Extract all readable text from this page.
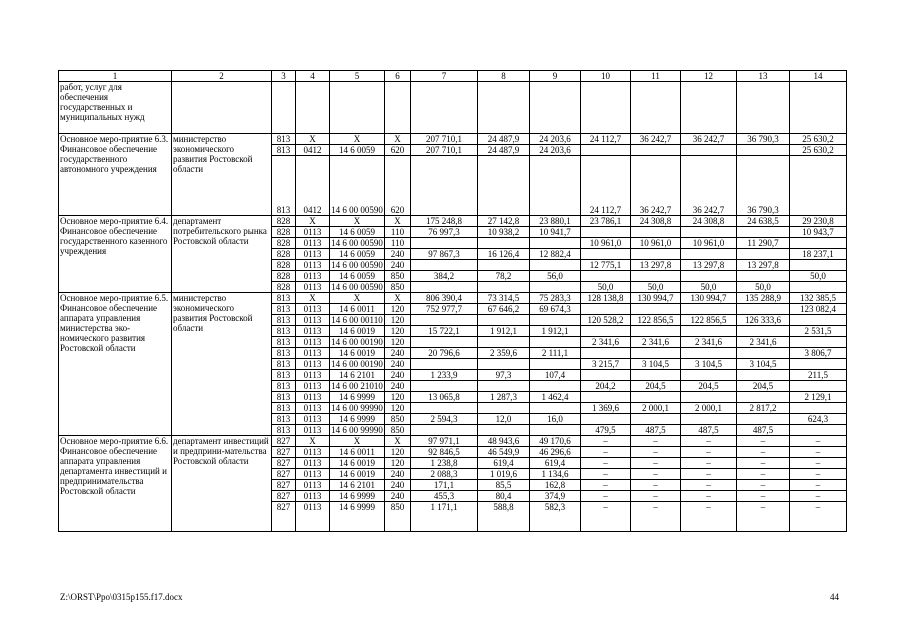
1	2	3	4	5	6	7	8	9	10	11	12	13	14
работ, услуг для обеспечения государственных и муниципальных нужд													
Основное меро-приятие 6.3. Финансовое обеспечение государственного автономного учреждения	министерство экономического развития Ростовской области	813	X	X	X	207 710,1	24 487,9	24 203,6	24 112,7	36 242,7	36 242,7	36 790,3	25 630,2
		813	0412	14 6 0059	620	207 710,1	24 487,9	24 203,6					25 630,2
		813	0412	14 6 00 00590	620				24 112,7	36 242,7	36 242,7	36 790,3	
Основное меро-приятие 6.4. Финансовое обеспечение государственного казенного учреждения	департамент потребительского рынка Ростовской области	828	X	X	X	175 248,8	27 142,8	23 880,1	23 786,1	24 308,8	24 308,8	24 638,5	29 230,8
		828	0113	14 6 0059	110	76 997,3	10 938,2	10 941,7					10 943,7
		828	0113	14 6 00 00590	110				10 961,0	10 961,0	10 961,0	11 290,7	
		828	0113	14 6 0059	240	97 867,3	16 126,4	12 882,4					18 237,1
		828	0113	14 6 00 00590	240				12 775,1	13 297,8	13 297,8	13 297,8	
		828	0113	14 6 0059	850	384,2	78,2	56,0					50,0
		828	0113	14 6 00 00590	850				50,0	50,0	50,0	50,0	
Основное меро-приятие 6.5. Финансовое обеспечение аппарата управления министерства эко-номического развития Ростовской области	министерство экономического развития Ростовской области	813	X	X	X	806 390,4	73 314,5	75 283,3	128 138,8	130 994,7	130 994,7	135 288,9	132 385,5
		813	0113	14 6 0011	120	752 977,7	67 646,2	69 674,3					123 082,4
		813	0113	14 6 00 00110	120				120 528,2	122 856,5	122 856,5	126 333,6	
		813	0113	14 6 0019	120	15 722,1	1 912,1	1 912,1					2 531,5
		813	0113	14 6 00 00190	120				2 341,6	2 341,6	2 341,6	2 341,6	
		813	0113	14 6 0019	240	20 796,6	2 359,6	2 111,1					3 806,7
		813	0113	14 6 00 00190	240				3 215,7	3 104,5	3 104,5	3 104,5	
		813	0113	14 6 2101	240	1 233,9	97,3	107,4					211,5
		813	0113	14 6 00 21010	240				204,2	204,5	204,5	204,5	
		813	0113	14 6 9999	120	13 065,8	1 287,3	1 462,4					2 129,1
		813	0113	14 6 00 99990	120				1 369,6	2 000,1	2 000,1	2 817,2	
		813	0113	14 6 9999	850	2 594,3	12,0	16,0					624,3
		813	0113	14 6 00 99990	850				479,5	487,5	487,5	487,5	
Основное меро-приятие 6.6. Финансовое обеспечение аппарата управления департамента инвестиций и предпринимательства Ростовской области	департамент инвестиций и предприни-мательства Ростовской области	827	X	X	X	97 971,1	48 943,6	49 170,6	–	–	–	–	–
		827	0113	14 6 0011	120	92 846,5	46 549,9	46 296,6	–	–	–	–	–
		827	0113	14 6 0019	120	1 238,8	619,4	619,4	–	–	–	–	–
		827	0113	14 6 0019	240	2 088,3	1 019,6	1 134,6	–	–	–	–	–
		827	0113	14 6 2101	240	171,1	85,5	162,8	–	–	–	–	–
		827	0113	14 6 9999	240	455,3	80,4	374,9	–	–	–	–	–
		827	0113	14 6 9999	850	1 171,1	588,8	582,3	–	–	–	–	–
Z:\ORST\Ppo\0315p155.f17.docx	44
